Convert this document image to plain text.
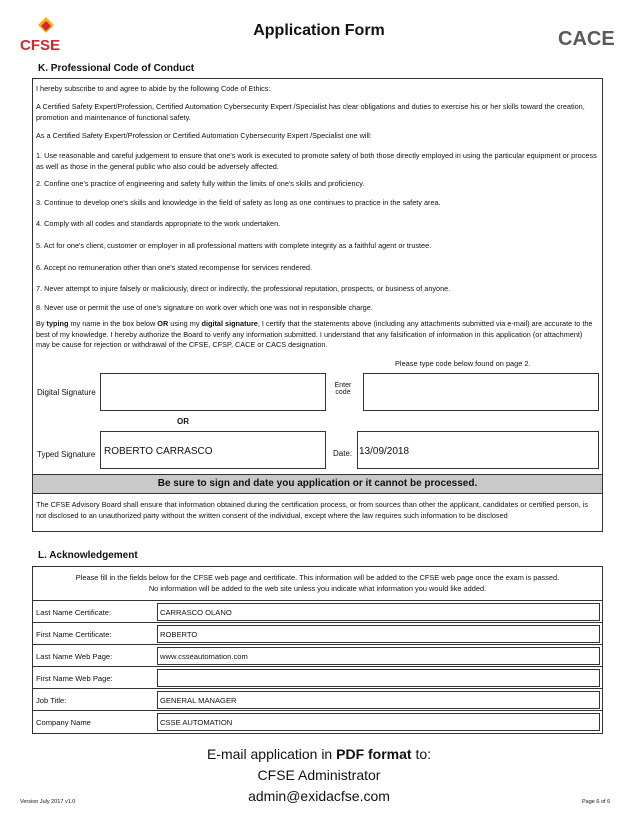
CFSE
Application Form	CACE
K. Professional Code of Conduct
I hereby subscribe to and agree to abide by the following Code of Ethics:
A Certified Safety Expert/Profession, Certified Automation Cybersecurity Expert /Specialist has clear obligations and duties to exercise his or her skills toward the creation, promotion and maintenance of functional safety.
As a Certified Safety Expert/Profession or Certified Automation Cybersecurity Expert /Specialist one will:
1. Use reasonable and careful judgement to ensure that one's work is executed to promote safety of both those directly employed in using the particular equipment or process as well as those in the general public who also could be adversely affected.
2. Confine one's practice of engineering and safety fully within the limits of one's skills and proficiency.
3. Continue to develop one's skills and knowledge in the field of safety as long as one continues to practice in the safety area.
4. Comply with all codes and standards appropriate to the work undertaken.
5. Act for one's client, customer or employer in all professional matters with complete integrity as a faithful agent or trustee.
6. Accept no remuneration other than one's stated recompense for services rendered.
7. Never attempt to injure falsely or maliciously, direct or indirectly, the professional reputation, prospects, or business of anyone.
8. Never use or permit the use of one's signature on work over which one was not in responsible charge.
By typing my name in the box below OR using my digital signature, I certify that the statements above (including any attachments submitted via e-mail) are accurate to the best of my knowledge. I hereby authorize the Board to verify any information submitted. I understand that any falsification of information in this application (or attachment) may be cause for rejection or withdrawal of the CFSE, CFSP, CACE or CACS designation.
Please type code below found on page 2.
Digital Signature
Enter
code
OR
Typed Signature ROBERTO CARRASCO	Date: 13/09/2018
Be sure to sign and date you application or it cannot be processed.
The CFSE Advisory Board shall ensure that information obtained during the certification process, or from sources than other the applicant, candidates or certified person, is not disclosed to an unauthorized party without the written consent of the individual, except where the law requires such information to be disclosed
L. Acknowledgement
Please fill in the fields below for the CFSE web page and certificate. This information will be added to the CFSE web page once the exam is passed.
No information will be added to the web site unless you indicate what information you would like added.
Last Name Certificate:	CARRASCO OLANO
First Name Certificate:	ROBERTO
Last Name Web Page:	www.csseautomation.com
First Name Web Page:
Job Title:	GENERAL MANAGER
Company Name	CSSE AUTOMATION
E-mail application in PDF format to:
CFSE Administrator
admin@exidacfse.com
Version July 2017 v1.0	Page 6 of 6
